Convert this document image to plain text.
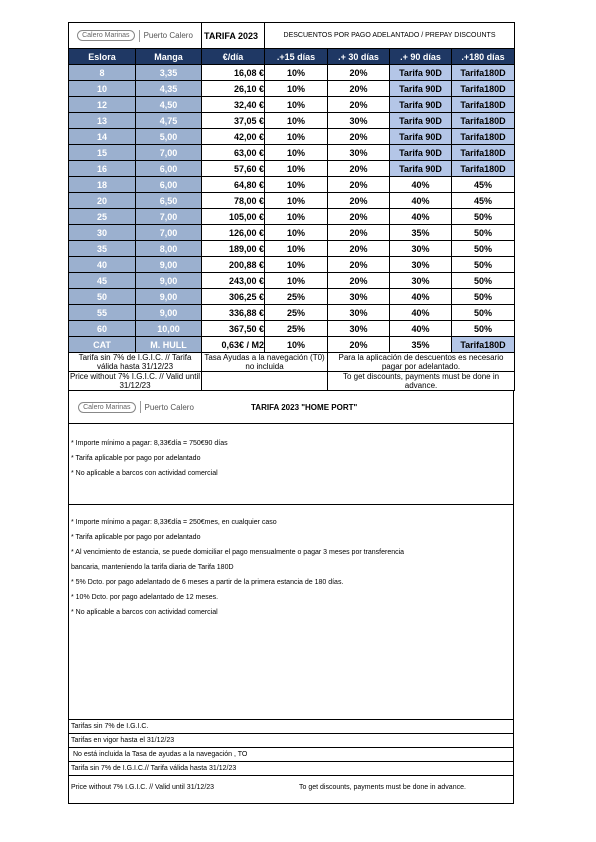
Calero Marinas Puerto Calero		TARIFA 2023	DESCUENTOS POR PAGO ADELANTADO / PREPAY DISCOUNTS			
Eslora	Manga	€/día	.+15 días	.+ 30 días	.+ 90 días	.+180 días
8	3,35	16,08 €	10%	20%	Tarifa 90D	Tarifa180D
10	4,35	26,10 €	10%	20%	Tarifa 90D	Tarifa180D
12	4,50	32,40 €	10%	20%	Tarifa 90D	Tarifa180D
13	4,75	37,05 €	10%	30%	Tarifa 90D	Tarifa180D
14	5,00	42,00 €	10%	20%	Tarifa 90D	Tarifa180D
15	7,00	63,00 €	10%	30%	Tarifa 90D	Tarifa180D
16	6,00	57,60 €	10%	20%	Tarifa 90D	Tarifa180D
18	6,00	64,80 €	10%	20%	40%	45%
20	6,50	78,00 €	10%	20%	40%	45%
25	7,00	105,00 €	10%	20%	40%	50%
30	7,00	126,00 €	10%	20%	35%	50%
35	8,00	189,00 €	10%	20%	30%	50%
40	9,00	200,88 €	10%	20%	30%	50%
45	9,00	243,00 €	10%	20%	30%	50%
50	9,00	306,25 €	25%	30%	40%	50%
55	9,00	336,88 €	25%	30%	40%	50%
60	10,00	367,50 €	25%	30%	40%	50%
CAT	M. HULL	0,63€ / M2	10%	20%	35%	Tarifa180D
Tarifa sin 7% de I.G.I.C. // Tarifa válida hasta 31/12/23		Tasa Ayudas a la navegación (T0) no incluida		Para la aplicación de descuentos es necesario pagar por adelantado.		
Price without 7% I.G.I.C. // Valid until 31/12/23				To get discounts, payments must be done in advance.		
Calero Marinas	Puerto Calero	TARIFA 2023 "HOME PORT"
* Importe mínimo a pagar: 8,33€día = 750€90 días
* Tarifa aplicable por pago por adelantado
* No aplicable a barcos con actividad comercial
* Importe mínimo a pagar: 8,33€día = 250€mes, en cualquier caso
* Tarifa aplicable por pago por adelantado
* Al vencimiento de estancia, se puede domiciliar el pago mensualmente o pagar 3 meses por transferencia
bancaria, manteniendo la tarifa diaria de Tarifa 180D
* 5% Dcto. por pago adelantado de 6 meses a partir de la primera estancia de 180 días.
* 10% Dcto. por pago adelantado de 12 meses.
* No aplicable a barcos con actividad comercial
Tarifas sin 7% de I.G.I.C.
Tarifas en vigor hasta el 31/12/23
No está incluida la Tasa de ayudas a la navegación , TO
Tarifa sin 7% de I.G.I.C.// Tarifa válida hasta 31/12/23
Price without 7% I.G.I.C. // Valid until 31/12/23	To get discounts, payments must be done in advance.
